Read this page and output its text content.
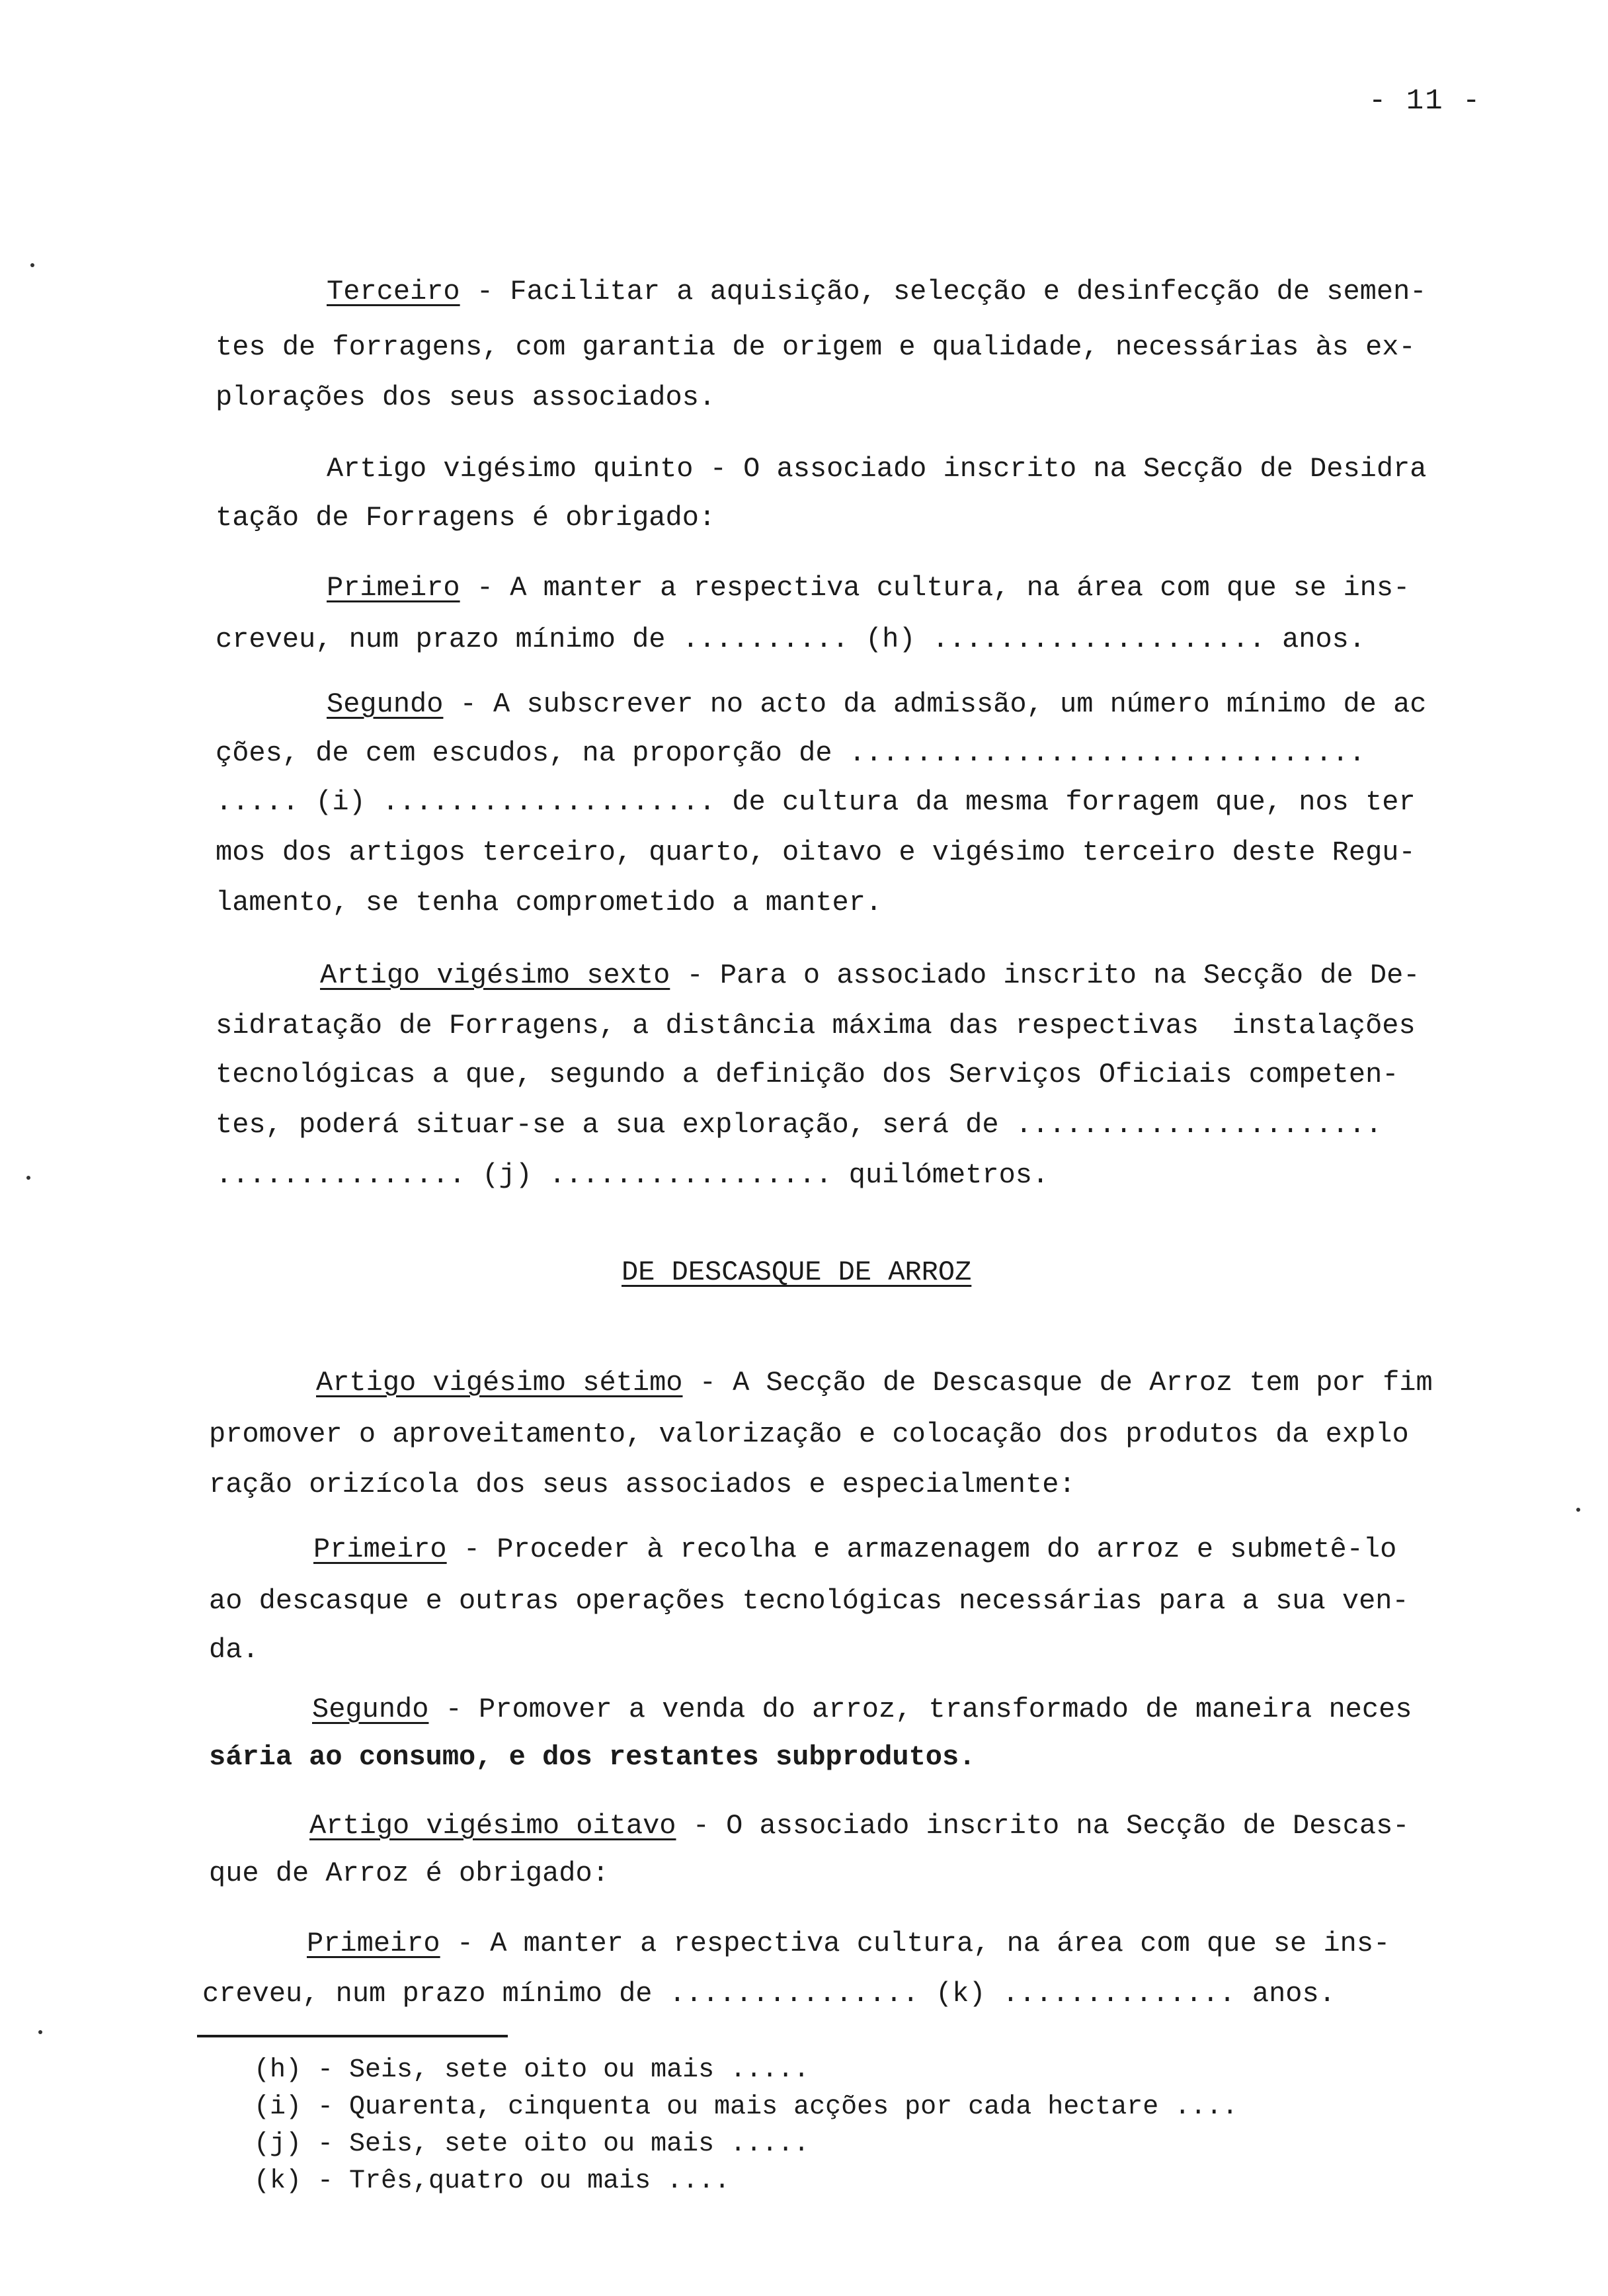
- 11 -
Terceiro - Facilitar a aquisição, selecção e desinfecção de semen-
tes de forragens, com garantia de origem e qualidade, necessárias às ex-
plorações dos seus associados.
Artigo vigésimo quinto - O associado inscrito na Secção de Desidra
tação de Forragens é obrigado:
Primeiro - A manter a respectiva cultura, na área com que se ins-
creveu, num prazo mínimo de .......... (h) .................... anos.
Segundo - A subscrever no acto da admissão, um número mínimo de ac
ções, de cem escudos, na proporção de ...............................
..... (i) .................... de cultura da mesma forragem que, nos ter
mos dos artigos terceiro, quarto, oitavo e vigésimo terceiro deste Regu-
lamento, se tenha comprometido a manter.
Artigo vigésimo sexto - Para o associado inscrito na Secção de De-
sidratação de Forragens, a distância máxima das respectivas  instalações
tecnológicas a que, segundo a definição dos Serviços Oficiais competen-
tes, poderá situar-se a sua exploração, será de ......................
............... (j) ................. quilómetros.
DE DESCASQUE DE ARROZ
Artigo vigésimo sétimo - A Secção de Descasque de Arroz tem por fim
promover o aproveitamento, valorização e colocação dos produtos da explo
ração orizícola dos seus associados e especialmente:
Primeiro - Proceder à recolha e armazenagem do arroz e submetê-lo
ao descasque e outras operações tecnológicas necessárias para a sua ven-
da.
Segundo - Promover a venda do arroz, transformado de maneira neces
sária ao consumo, e dos restantes subprodutos.
Artigo vigésimo oitavo - O associado inscrito na Secção de Descas-
que de Arroz é obrigado:
Primeiro - A manter a respectiva cultura, na área com que se ins-
creveu, num prazo mínimo de ............... (k) .............. anos.
(h) - Seis, sete oito ou mais .....
(i) - Quarenta, cinquenta ou mais acções por cada hectare ....
(j) - Seis, sete oito ou mais .....
(k) - Três,quatro ou mais ....
